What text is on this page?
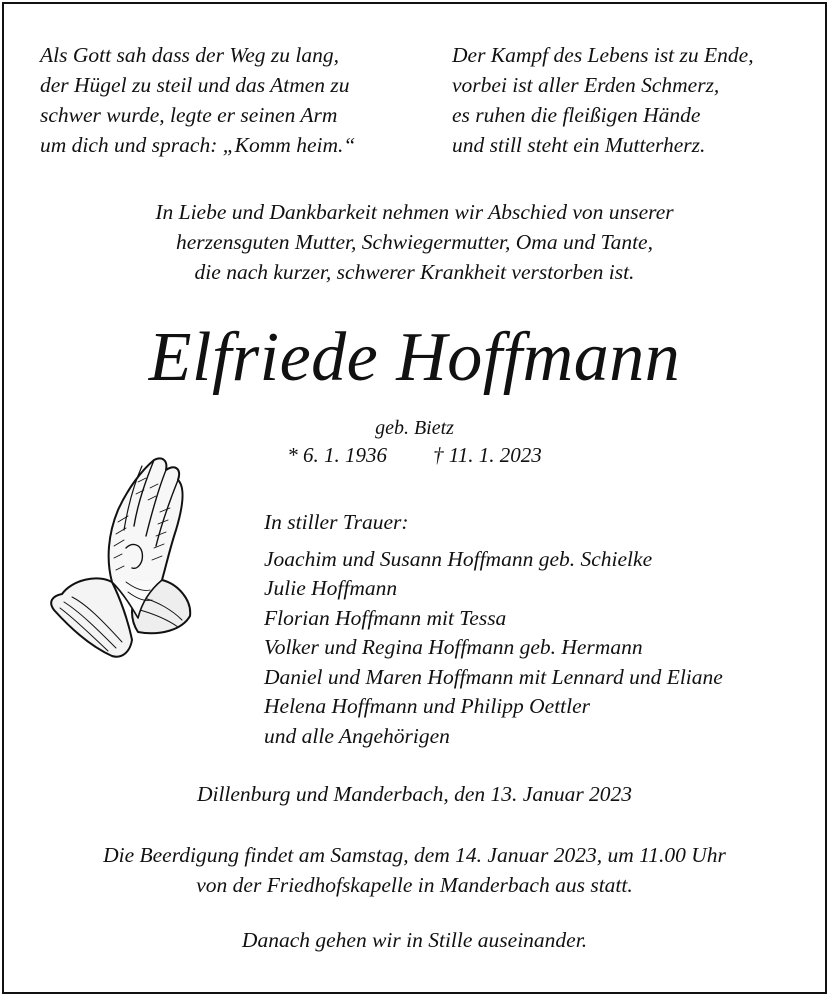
Als Gott sah dass der Weg zu lang,
der Hügel zu steil und das Atmen zu
schwer wurde, legte er seinen Arm
um dich und sprach: „Komm heim.“
Der Kampf des Lebens ist zu Ende,
vorbei ist aller Erden Schmerz,
es ruhen die fleißigen Hände
und still steht ein Mutterherz.
In Liebe und Dankbarkeit nehmen wir Abschied von unserer
herzensguten Mutter, Schwiegermutter, Oma und Tante,
die nach kurzer, schwerer Krankheit verstorben ist.
Elfriede Hoffmann
geb. Bietz
* 6. 1. 1936 † 11. 1. 2023
In stiller Trauer:
Joachim und Susann Hoffmann geb. Schielke
Julie Hoffmann
Florian Hoffmann mit Tessa
Volker und Regina Hoffmann geb. Hermann
Daniel und Maren Hoffmann mit Lennard und Eliane
Helena Hoffmann und Philipp Oettler
und alle Angehörigen
Dillenburg und Manderbach, den 13. Januar 2023
Die Beerdigung findet am Samstag, dem 14. Januar 2023, um 11.00 Uhr
von der Friedhofskapelle in Manderbach aus statt.
Danach gehen wir in Stille auseinander.
